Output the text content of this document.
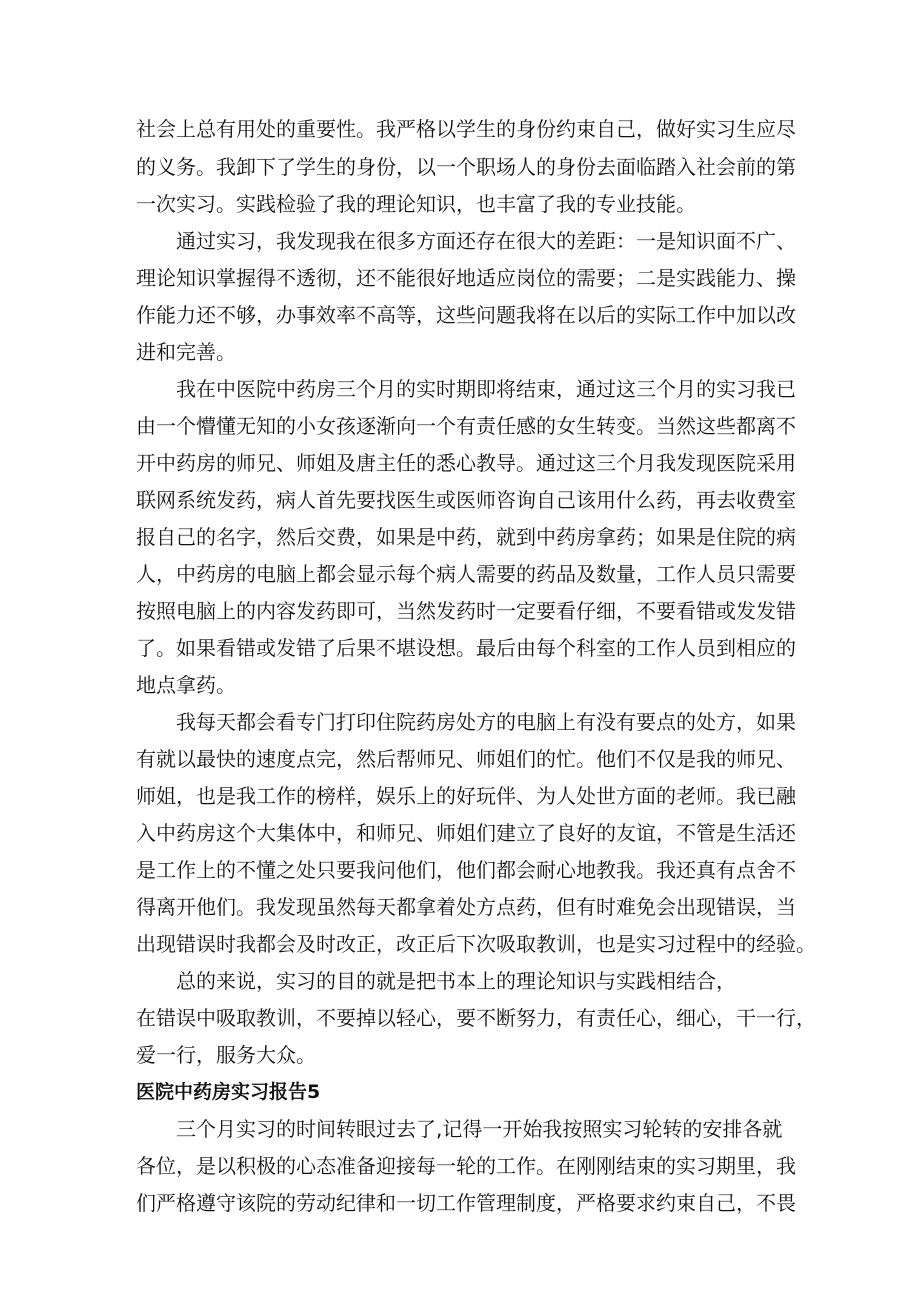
社会上总有用处的重要性。我严格以学生的身份约束自己，做好实习生应尽
的义务。我卸下了学生的身份，以一个职场人的身份去面临踏入社会前的第
一次实习。实践检验了我的理论知识，也丰富了我的专业技能。
通过实习，我发现我在很多方面还存在很大的差距：一是知识面不广、
理论知识掌握得不透彻，还不能很好地适应岗位的需要；二是实践能力、操
作能力还不够，办事效率不高等，这些问题我将在以后的实际工作中加以改
进和完善。
我在中医院中药房三个月的实时期即将结束，通过这三个月的实习我已
由一个懵懂无知的小女孩逐渐向一个有责任感的女生转变。当然这些都离不
开中药房的师兄、师姐及唐主任的悉心教导。通过这三个月我发现医院采用
联网系统发药，病人首先要找医生或医师咨询自己该用什么药，再去收费室
报自己的名字，然后交费，如果是中药，就到中药房拿药；如果是住院的病
人，中药房的电脑上都会显示每个病人需要的药品及数量，工作人员只需要
按照电脑上的内容发药即可，当然发药时一定要看仔细，不要看错或发发错
了。如果看错或发错了后果不堪设想。最后由每个科室的工作人员到相应的
地点拿药。
我每天都会看专门打印住院药房处方的电脑上有没有要点的处方，如果
有就以最快的速度点完，然后帮师兄、师姐们的忙。他们不仅是我的师兄、
师姐，也是我工作的榜样，娱乐上的好玩伴、为人处世方面的老师。我已融
入中药房这个大集体中，和师兄、师姐们建立了良好的友谊，不管是生活还
是工作上的不懂之处只要我问他们，他们都会耐心地教我。我还真有点舍不
得离开他们。我发现虽然每天都拿着处方点药，但有时难免会出现错误，当
出现错误时我都会及时改正，改正后下次吸取教训，也是实习过程中的经验。
总的来说，实习的目的就是把书本上的理论知识与实践相结合，
在错误中吸取教训，不要掉以轻心，要不断努力，有责任心，细心，干一行，
爱一行，服务大众。
医院中药房实习报告5
三个月实习的时间转眼过去了,记得一开始我按照实习轮转的安排各就
各位，是以积极的心态准备迎接每一轮的工作。在刚刚结束的实习期里，我
们严格遵守该院的劳动纪律和一切工作管理制度，严格要求约束自己，不畏
